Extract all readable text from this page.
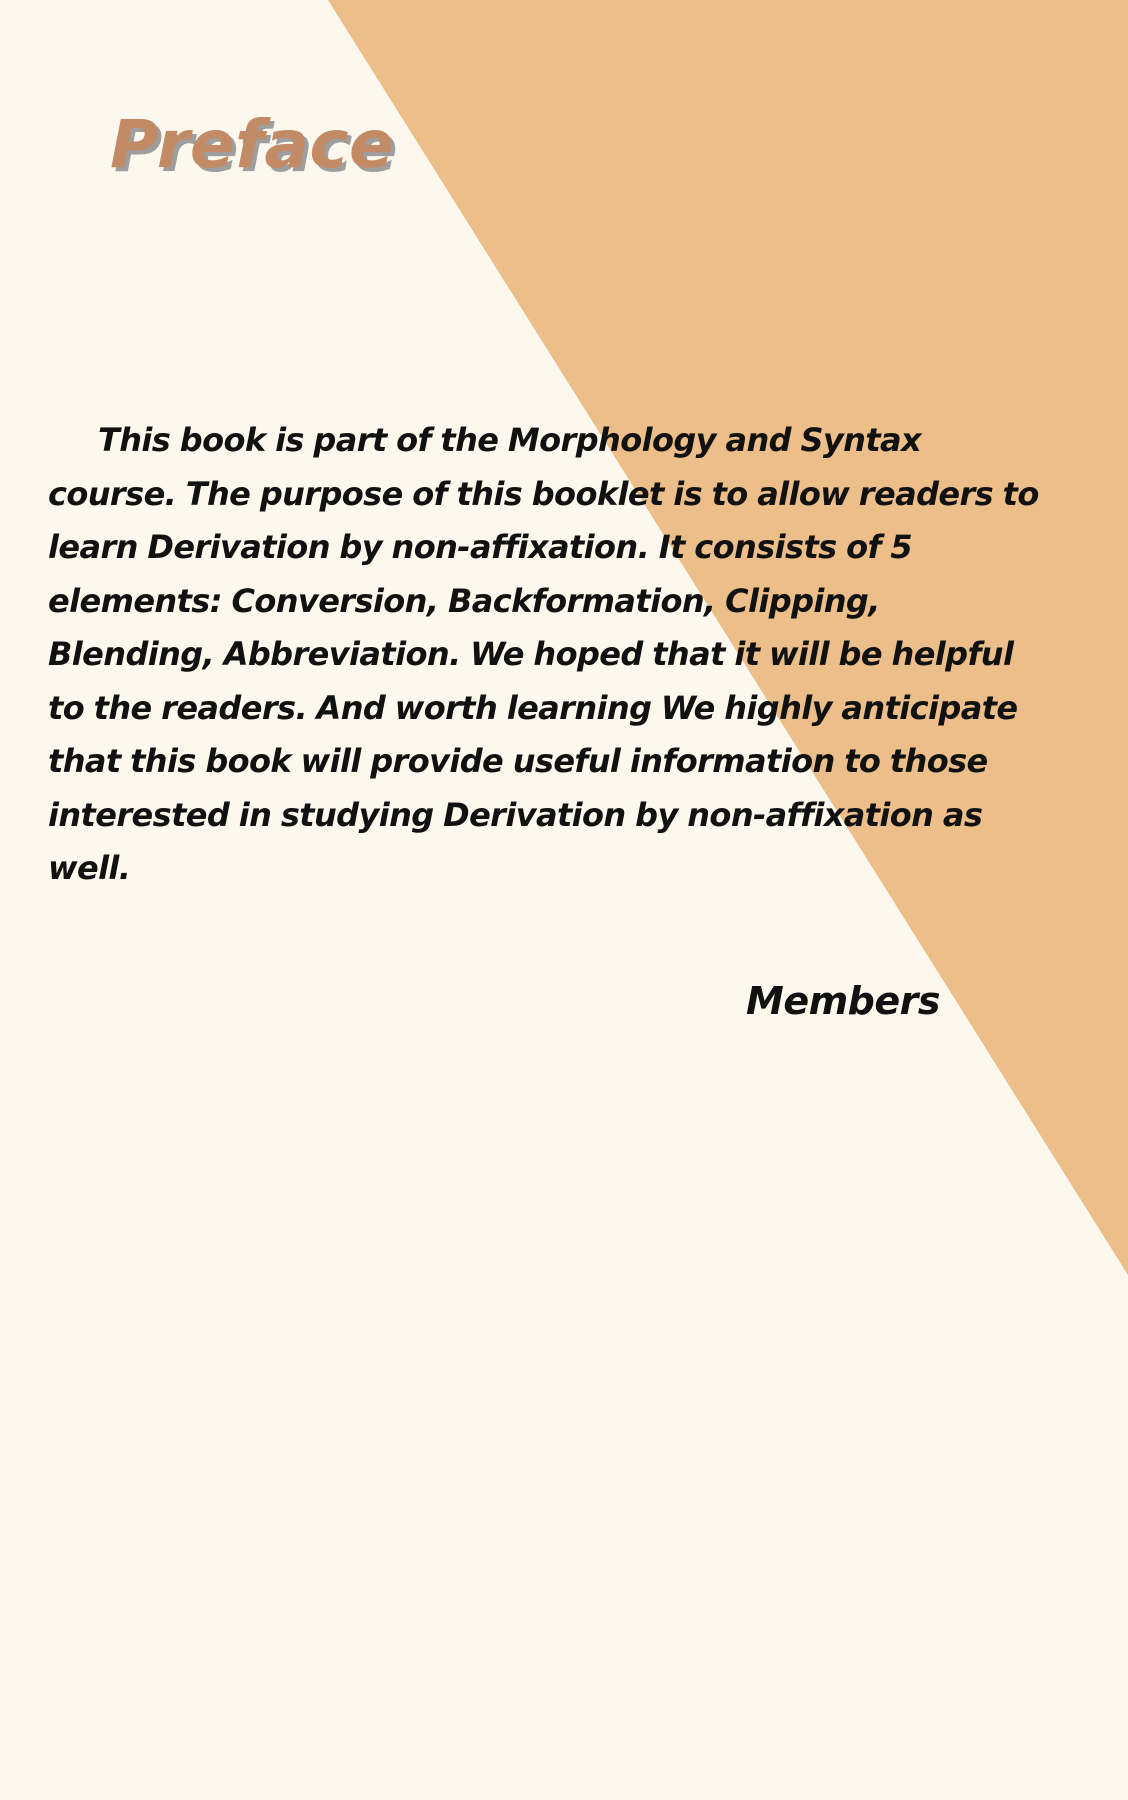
Preface

This book is part of the Morphology and Syntax course. The purpose of this booklet is to allow readers to learn Derivation by non-affixation. It consists of 5 elements: Conversion, Backformation, Clipping, Blending, Abbreviation. We hoped that it will be helpful to the readers. And worth learning We highly anticipate that this book will provide useful information to those interested in studying Derivation by non-affixation as well.

Members
